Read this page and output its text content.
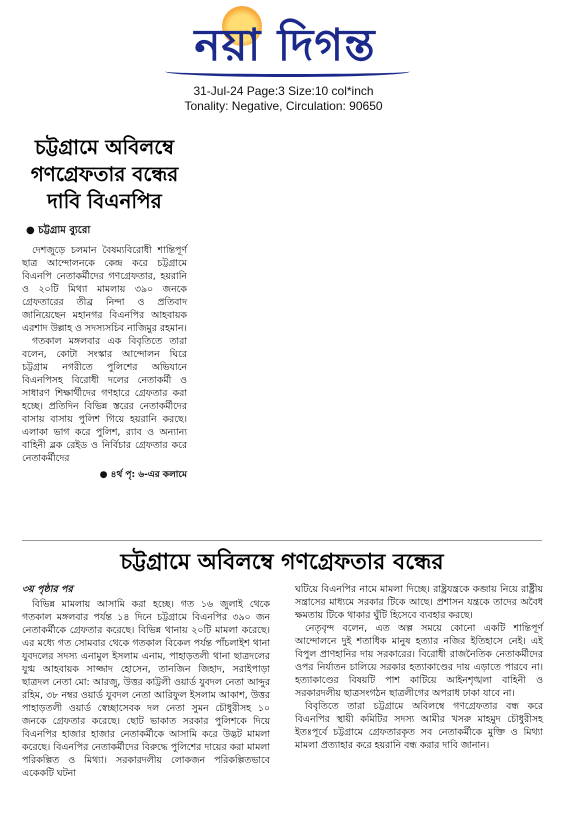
নয়া দিগন্ত
31-Jul-24 Page:3 Size:10 col*inch
Tonality: Negative, Circulation: 90650
চট্টগ্রামে অবিলম্বে গণগ্রেফতার বন্ধের দাবি বিএনপির
● চট্টগ্রাম ব্যুরো

দেশজুড়ে চলমান বৈষম্যবিরোধী শান্তিপূর্ণ ছাত্র আন্দোলনকে কেন্দ্র করে চট্টগ্রামে বিএনপি নেতাকর্মীদের গণগ্রেফতার, হয়রানি ও ২০টি মিথ্যা মামলায় ৩৯০ জনকে গ্রেফতারের তীব্র নিন্দা ও প্রতিবাদ জানিয়েছেন মহানগর বিএনপির আহবায়ক এরশাদ উল্লাহ ও সদস্যসচিব নাজিমুর রহমান।

গতকাল মঙ্গলবার এক বিবৃতিতে তারা বলেন, কোটা সংস্কার আন্দোলন ঘিরে চট্টগ্রাম নগরীতে পুলিশের অভিযানে বিএনপিসহ বিরোধী দলের নেতাকর্মী ও সাধারণ শিক্ষার্থীদের গণহারে গ্রেফতার করা হচ্ছে। প্রতিদিন বিভিন্ন স্তরের নেতাকর্মীদের বাসায় বাসায় পুলিশ গিয়ে হয়রানি করছে। এলাকা ভাগ করে পুলিশ, র‌্যাব ও অন্যান্য বাহিনী ব্লক রেইড ও নির্বিচার গ্রেফতার করে নেতাকর্মীদের

● ৪র্থ পৃ: ৬-এর কলামে
চট্টগ্রামে অবিলম্বে গণগ্রেফতার বন্ধের
৩য় পৃষ্ঠার পর

বিভিন্ন মামলায় আসামি করা হচ্ছে। গত ১৬ জুলাই থেকে গতকাল মঙ্গলবার পর্যন্ত ১৪ দিনে চট্টগ্রামে বিএনপির ৩৯০ জন নেতাকর্মীকে গ্রেফতার করেছে। বিভিন্ন থানায় ২০টি মামলা করেছে। এর মধ্যে গত সোমবার থেকে গতকাল বিকেল পর্যন্ত পাঁচলাইশ থানা যুবদলের সদস্য এনামুল ইসলাম এনাম, পাহাড়তলী থানা ছাত্রদলের যুগ্ম আহবায়ক সাজ্জাদ হোসেন, তানজিন জিহাদ, সরাইপাড়া ছাত্রদল নেতা মো: আরজু, উত্তর কাট্টলী ওয়ার্ড যুবদল নেতা আব্দুর রহিম, ৩৮ নম্বর ওয়ার্ড যুবদল নেতা আরিফুল ইসলাম আকাশ, উত্তর পাহাড়তলী ওয়ার্ড স্বেচ্ছাসেবক দল নেতা সুমন চৌধুরীসহ ১০ জনকে গ্রেফতার করেছে। ছোট ভাকাত সরকার পুলিশকে দিয়ে বিএনপির হাজার হাজার নেতাকর্মীকে আসামি করে উদ্ভট মামলা করেছে। বিএনপির নেতাকর্মীদের বিরুদ্ধে পুলিশের দায়ের করা মামলা পরিকল্পিত ও মিথ্যা। সরকারদলীয় লোকজন পরিকল্পিতভাবে একেকটি ঘটনা

ঘটিয়ে বিএনপির নামে মামলা দিচ্ছে। রাষ্ট্রযন্ত্রকে কব্জায় নিয়ে রাষ্ট্রীয় সন্ত্রাসের মাধ্যমে সরকার টিকে আছে। প্রশাসন যন্ত্রকে তাদের অবৈধ ক্ষমতায় টিকে থাকার ঘুঁটি হিসেবে ব্যবহার করছে।

নেতৃবৃন্দ বলেন, এত অল্প সময়ে কোনো একটি শান্তিপূর্ণ আন্দোলনে দুই শতাধিক মানুষ হত্যার নজির ইতিহাসে নেই। এই বিপুল প্রাণহানির দায় সরকারের। বিরোধী রাজনৈতিক নেতাকর্মীদের ওপর নির্যাতন চালিয়ে সরকার হত্যাকাণ্ডের দায় এড়াতে পারবে না। হত্যাকাণ্ডের বিষয়টি পাশ কাটিয়ে আইনশৃঙ্খলা বাহিনী ও সরকারদলীয় ছাত্রসংগঠন ছাত্রলীগের অপরাধ ঢাকা যাবে না।

বিবৃতিতে তারা চট্টগ্রামে অবিলম্বে গণগ্রেফতার বন্ধ করে বিএনপির স্থায়ী কমিটির সদস্য আমীর খসরু মাহমুদ চৌধুরীসহ ইতঃপূর্বে চট্টগ্রামে গ্রেফতারকৃত সব নেতাকর্মীকে মুক্তি ও মিথ্যা মামলা প্রত্যাহার করে হয়রানি বন্ধ করার দাবি জানান।
